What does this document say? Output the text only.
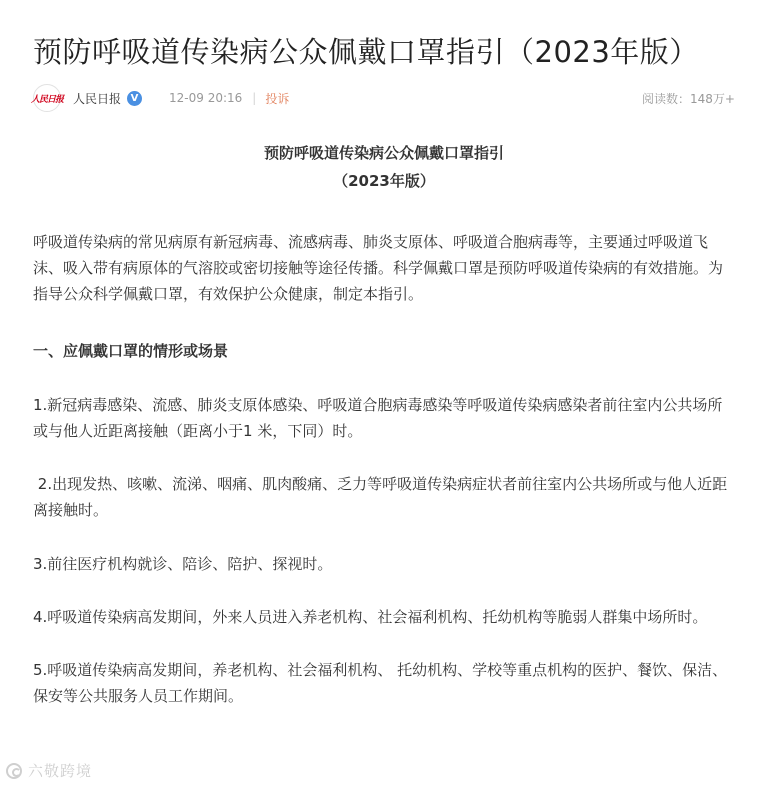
预防呼吸道传染病公众佩戴口罩指引（2023年版）
人民日报 人民日报 V	12-09 20:16 | 投诉	阅读数：148万+
预防呼吸道传染病公众佩戴口罩指引
（2023年版）

呼吸道传染病的常见病原有新冠病毒、流感病毒、肺炎支原体、呼吸道合胞病毒等，主要通过呼吸道飞沫、吸入带有病原体的气溶胶或密切接触等途径传播。科学佩戴口罩是预防呼吸道传染病的有效措施。为指导公众科学佩戴口罩，有效保护公众健康，制定本指引。

一、应佩戴口罩的情形或场景

1.新冠病毒感染、流感、肺炎支原体感染、呼吸道合胞病毒感染等呼吸道传染病感染者前往室内公共场所或与他人近距离接触（距离小于1 米，下同）时。

2.出现发热、咳嗽、流涕、咽痛、肌肉酸痛、乏力等呼吸道传染病症状者前往室内公共场所或与他人近距离接触时。

3.前往医疗机构就诊、陪诊、陪护、探视时。

4.呼吸道传染病高发期间，外来人员进入养老机构、社会福利机构、托幼机构等脆弱人群集中场所时。

5.呼吸道传染病高发期间，养老机构、社会福利机构、 托幼机构、学校等重点机构的医护、餐饮、保洁、保安等公共服务人员工作期间。

六敬跨境
